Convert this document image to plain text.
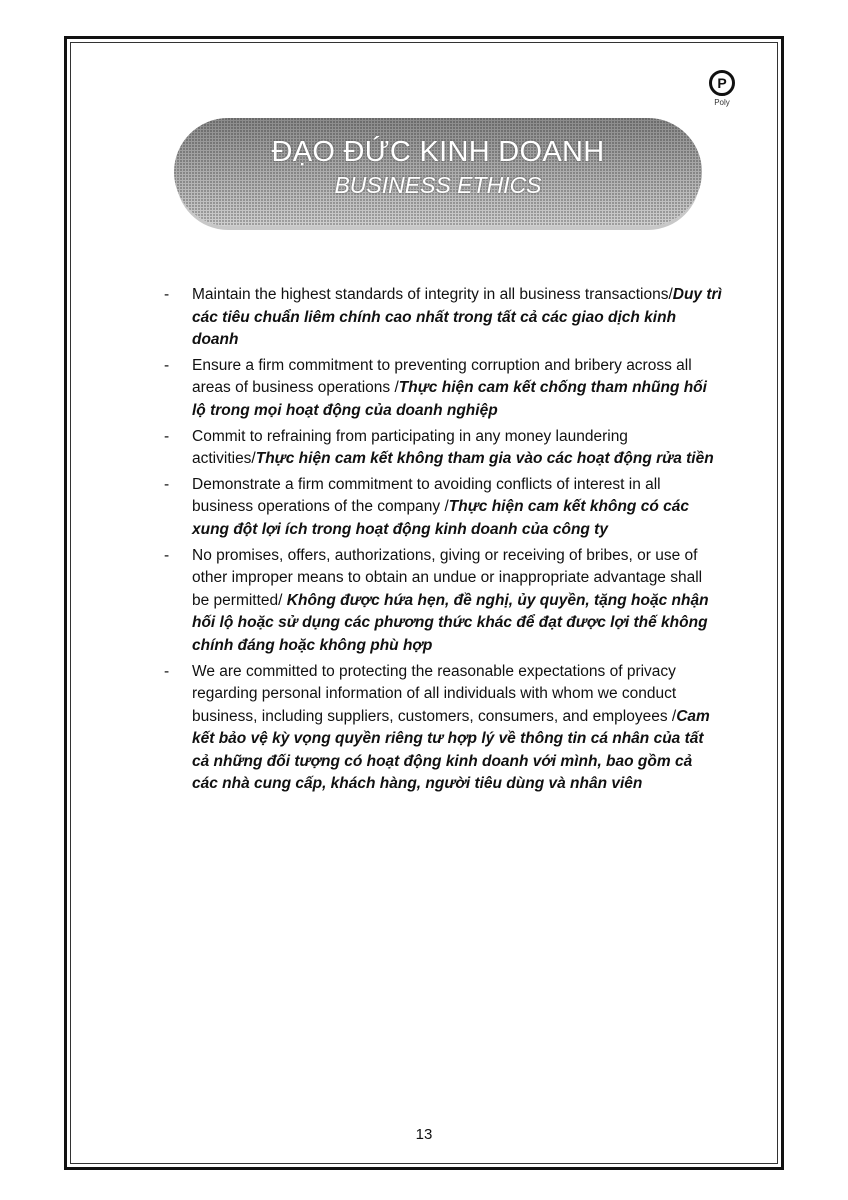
P
Poly
ĐẠO ĐỨC KINH DOANH
BUSINESS ETHICS
- Maintain the highest standards of integrity in all business transactions/Duy trì các tiêu chuẩn liêm chính cao nhất trong tất cả các giao dịch kinh doanh
- Ensure a firm commitment to preventing corruption and bribery across all areas of business operations /Thực hiện cam kết chống tham nhũng hối lộ trong mọi hoạt động của doanh nghiệp
- Commit to refraining from participating in any money laundering activities/Thực hiện cam kết không tham gia vào các hoạt động rửa tiền
- Demonstrate a firm commitment to avoiding conflicts of interest in all business operations of the company /Thực hiện cam kết không có các xung đột lợi ích trong hoạt động kinh doanh của công ty
- No promises, offers, authorizations, giving or receiving of bribes, or use of other improper means to obtain an undue or inappropriate advantage shall be permitted/ Không được hứa hẹn, đề nghị, ủy quyền, tặng hoặc nhận hối lộ hoặc sử dụng các phương thức khác để đạt được lợi thế không chính đáng hoặc không phù hợp
- We are committed to protecting the reasonable expectations of privacy regarding personal information of all individuals with whom we conduct business, including suppliers, customers, consumers, and employees /Cam kết bảo vệ kỳ vọng quyền riêng tư hợp lý về thông tin cá nhân của tất cả những đối tượng có hoạt động kinh doanh với mình, bao gồm cả các nhà cung cấp, khách hàng, người tiêu dùng và nhân viên
13
